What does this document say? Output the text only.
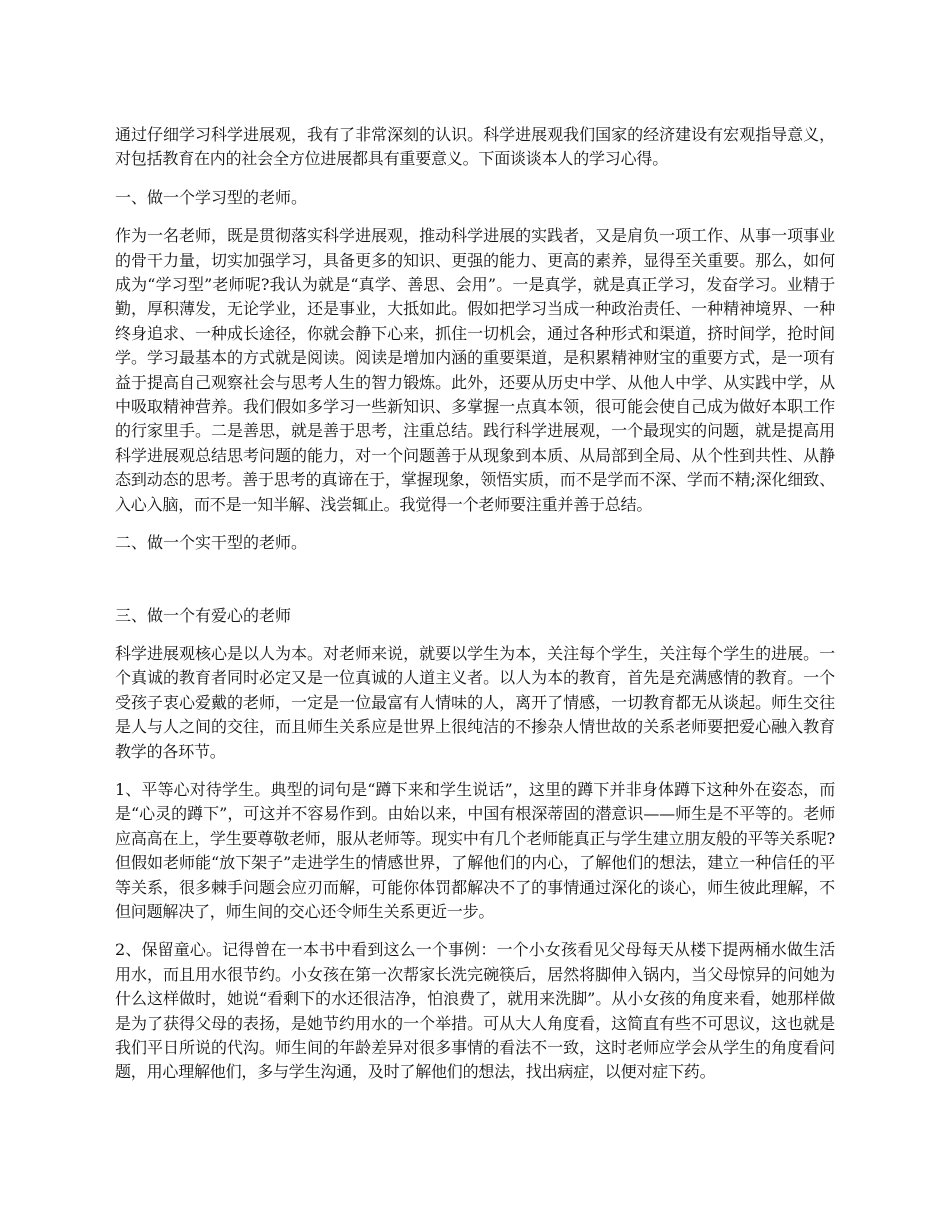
通过仔细学习科学进展观，我有了非常深刻的认识。科学进展观我们国家的经济建设有宏观指导意义，对包括教育在内的社会全方位进展都具有重要意义。下面谈谈本人的学习心得。

一、做一个学习型的老师。

作为一名老师，既是贯彻落实科学进展观，推动科学进展的实践者，又是肩负一项工作、从事一项事业的骨干力量，切实加强学习，具备更多的知识、更强的能力、更高的素养，显得至关重要。那么，如何成为“学习型”老师呢?我认为就是“真学、善思、会用”。一是真学，就是真正学习，发奋学习。业精于勤，厚积薄发，无论学业，还是事业，大抵如此。假如把学习当成一种政治责任、一种精神境界、一种终身追求、一种成长途径，你就会静下心来，抓住一切机会，通过各种形式和渠道，挤时间学，抢时间学。学习最基本的方式就是阅读。阅读是增加内涵的重要渠道，是积累精神财宝的重要方式，是一项有益于提高自己观察社会与思考人生的智力锻炼。此外，还要从历史中学、从他人中学、从实践中学，从中吸取精神营养。我们假如多学习一些新知识、多掌握一点真本领，很可能会使自己成为做好本职工作的行家里手。二是善思，就是善于思考，注重总结。践行科学进展观，一个最现实的问题，就是提高用科学进展观总结思考问题的能力，对一个问题善于从现象到本质、从局部到全局、从个性到共性、从静态到动态的思考。善于思考的真谛在于，掌握现象，领悟实质，而不是学而不深、学而不精;深化细致、入心入脑，而不是一知半解、浅尝辄止。我觉得一个老师要注重并善于总结。

二、做一个实干型的老师。

三、做一个有爱心的老师

科学进展观核心是以人为本。对老师来说，就要以学生为本，关注每个学生，关注每个学生的进展。一个真诚的教育者同时必定又是一位真诚的人道主义者。以人为本的教育，首先是充满感情的教育。一个受孩子衷心爱戴的老师，一定是一位最富有人情味的人，离开了情感，一切教育都无从谈起。师生交往是人与人之间的交往，而且师生关系应是世界上很纯洁的不掺杂人情世故的关系老师要把爱心融入教育教学的各环节。

1、平等心对待学生。典型的词句是“蹲下来和学生说话”，这里的蹲下并非身体蹲下这种外在姿态，而是“心灵的蹲下”，可这并不容易作到。由始以来，中国有根深蒂固的潜意识——师生是不平等的。老师应高高在上，学生要尊敬老师，服从老师等。现实中有几个老师能真正与学生建立朋友般的平等关系呢?但假如老师能“放下架子”走进学生的情感世界，了解他们的内心，了解他们的想法，建立一种信任的平等关系，很多棘手问题会应刃而解，可能你体罚都解决不了的事情通过深化的谈心，师生彼此理解，不但问题解决了，师生间的交心还令师生关系更近一步。

2、保留童心。记得曾在一本书中看到这么一个事例：一个小女孩看见父母每天从楼下提两桶水做生活用水，而且用水很节约。小女孩在第一次帮家长洗完碗筷后，居然将脚伸入锅内，当父母惊异的问她为什么这样做时，她说“看剩下的水还很洁净，怕浪费了，就用来洗脚”。从小女孩的角度来看，她那样做是为了获得父母的表扬，是她节约用水的一个举措。可从大人角度看，这简直有些不可思议，这也就是我们平日所说的代沟。师生间的年龄差异对很多事情的看法不一致，这时老师应学会从学生的角度看问题，用心理解他们，多与学生沟通，及时了解他们的想法，找出病症，以便对症下药。
